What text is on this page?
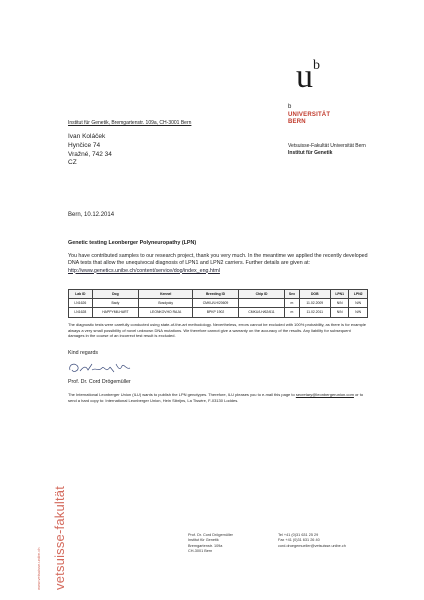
$u^b$
b
UNIVERSITÄT
BERN
Vetsuisse-Fakultät Universität Bern
Institut für Genetik
Institut für Genetik, Bremgartenstr. 109a, CH-3001 Bern
Ivan Koláček
Hynčice 74
Vražné, 742 34
CZ
Bern, 10.12.2014
Genetic testing Leonberger Polyneuropathy (LPN)
You have contributed samples to our research project, thank you very much. In the meantime we applied the recently developed DNA tests that allow the unequivocal diagnosis of LPN1 and LPN2 carriers. Further details are given at: http://www.genetics.unibe.ch/content/service/dog/index_eng.html
Lab ID	Dog	Kennel	Breeding ID	Chip ID	Sex	DOB	LPN1	LPN2
LN1626	Bady	Bosdyoky	CMKU/LH/20609		m	11.02.2009	N/N	N/N
LN1628	HAPPYMILHART	LEONKOVHO RAJA	BPKP 1902	CMKU/LH/62/611	m	11.02.2011	N/N	N/N
The diagnostic tests were carefully conducted using state-of-the-art methodology. Nevertheless, errors cannot be excluded with 100% probability, as there is for example always a very small possibility of novel unknown DNA mutations. We therefore cannot give a warranty on the accuracy of the results. Any liability for subsequent damages in the course of an incorrect test result is excluded.
Kind regards
Prof. Dr. Cord Drögemüller
The International Leonberger Union (ILU) wants to publish the LPN genotypes. Therefore, ILU pleases you to e-mail this page to secretary@leonbergerunion.com or to send a hard copy to: International Leonberger Union, Hein Sibrijns, La Tissère, F-03130 Loddes.
vetsuisse-fakultät
www.vetsuisse.unibe.ch
Prof. Dr. Cord Drögemüller
Institut für Genetik
Bremgartenstr. 109a
CH-3001 Bern
Tel +41 (0)31 631 25 29
Fax +41 (0)31 631 26 40
cord.droegemueller@vetsuisse.unibe.ch
